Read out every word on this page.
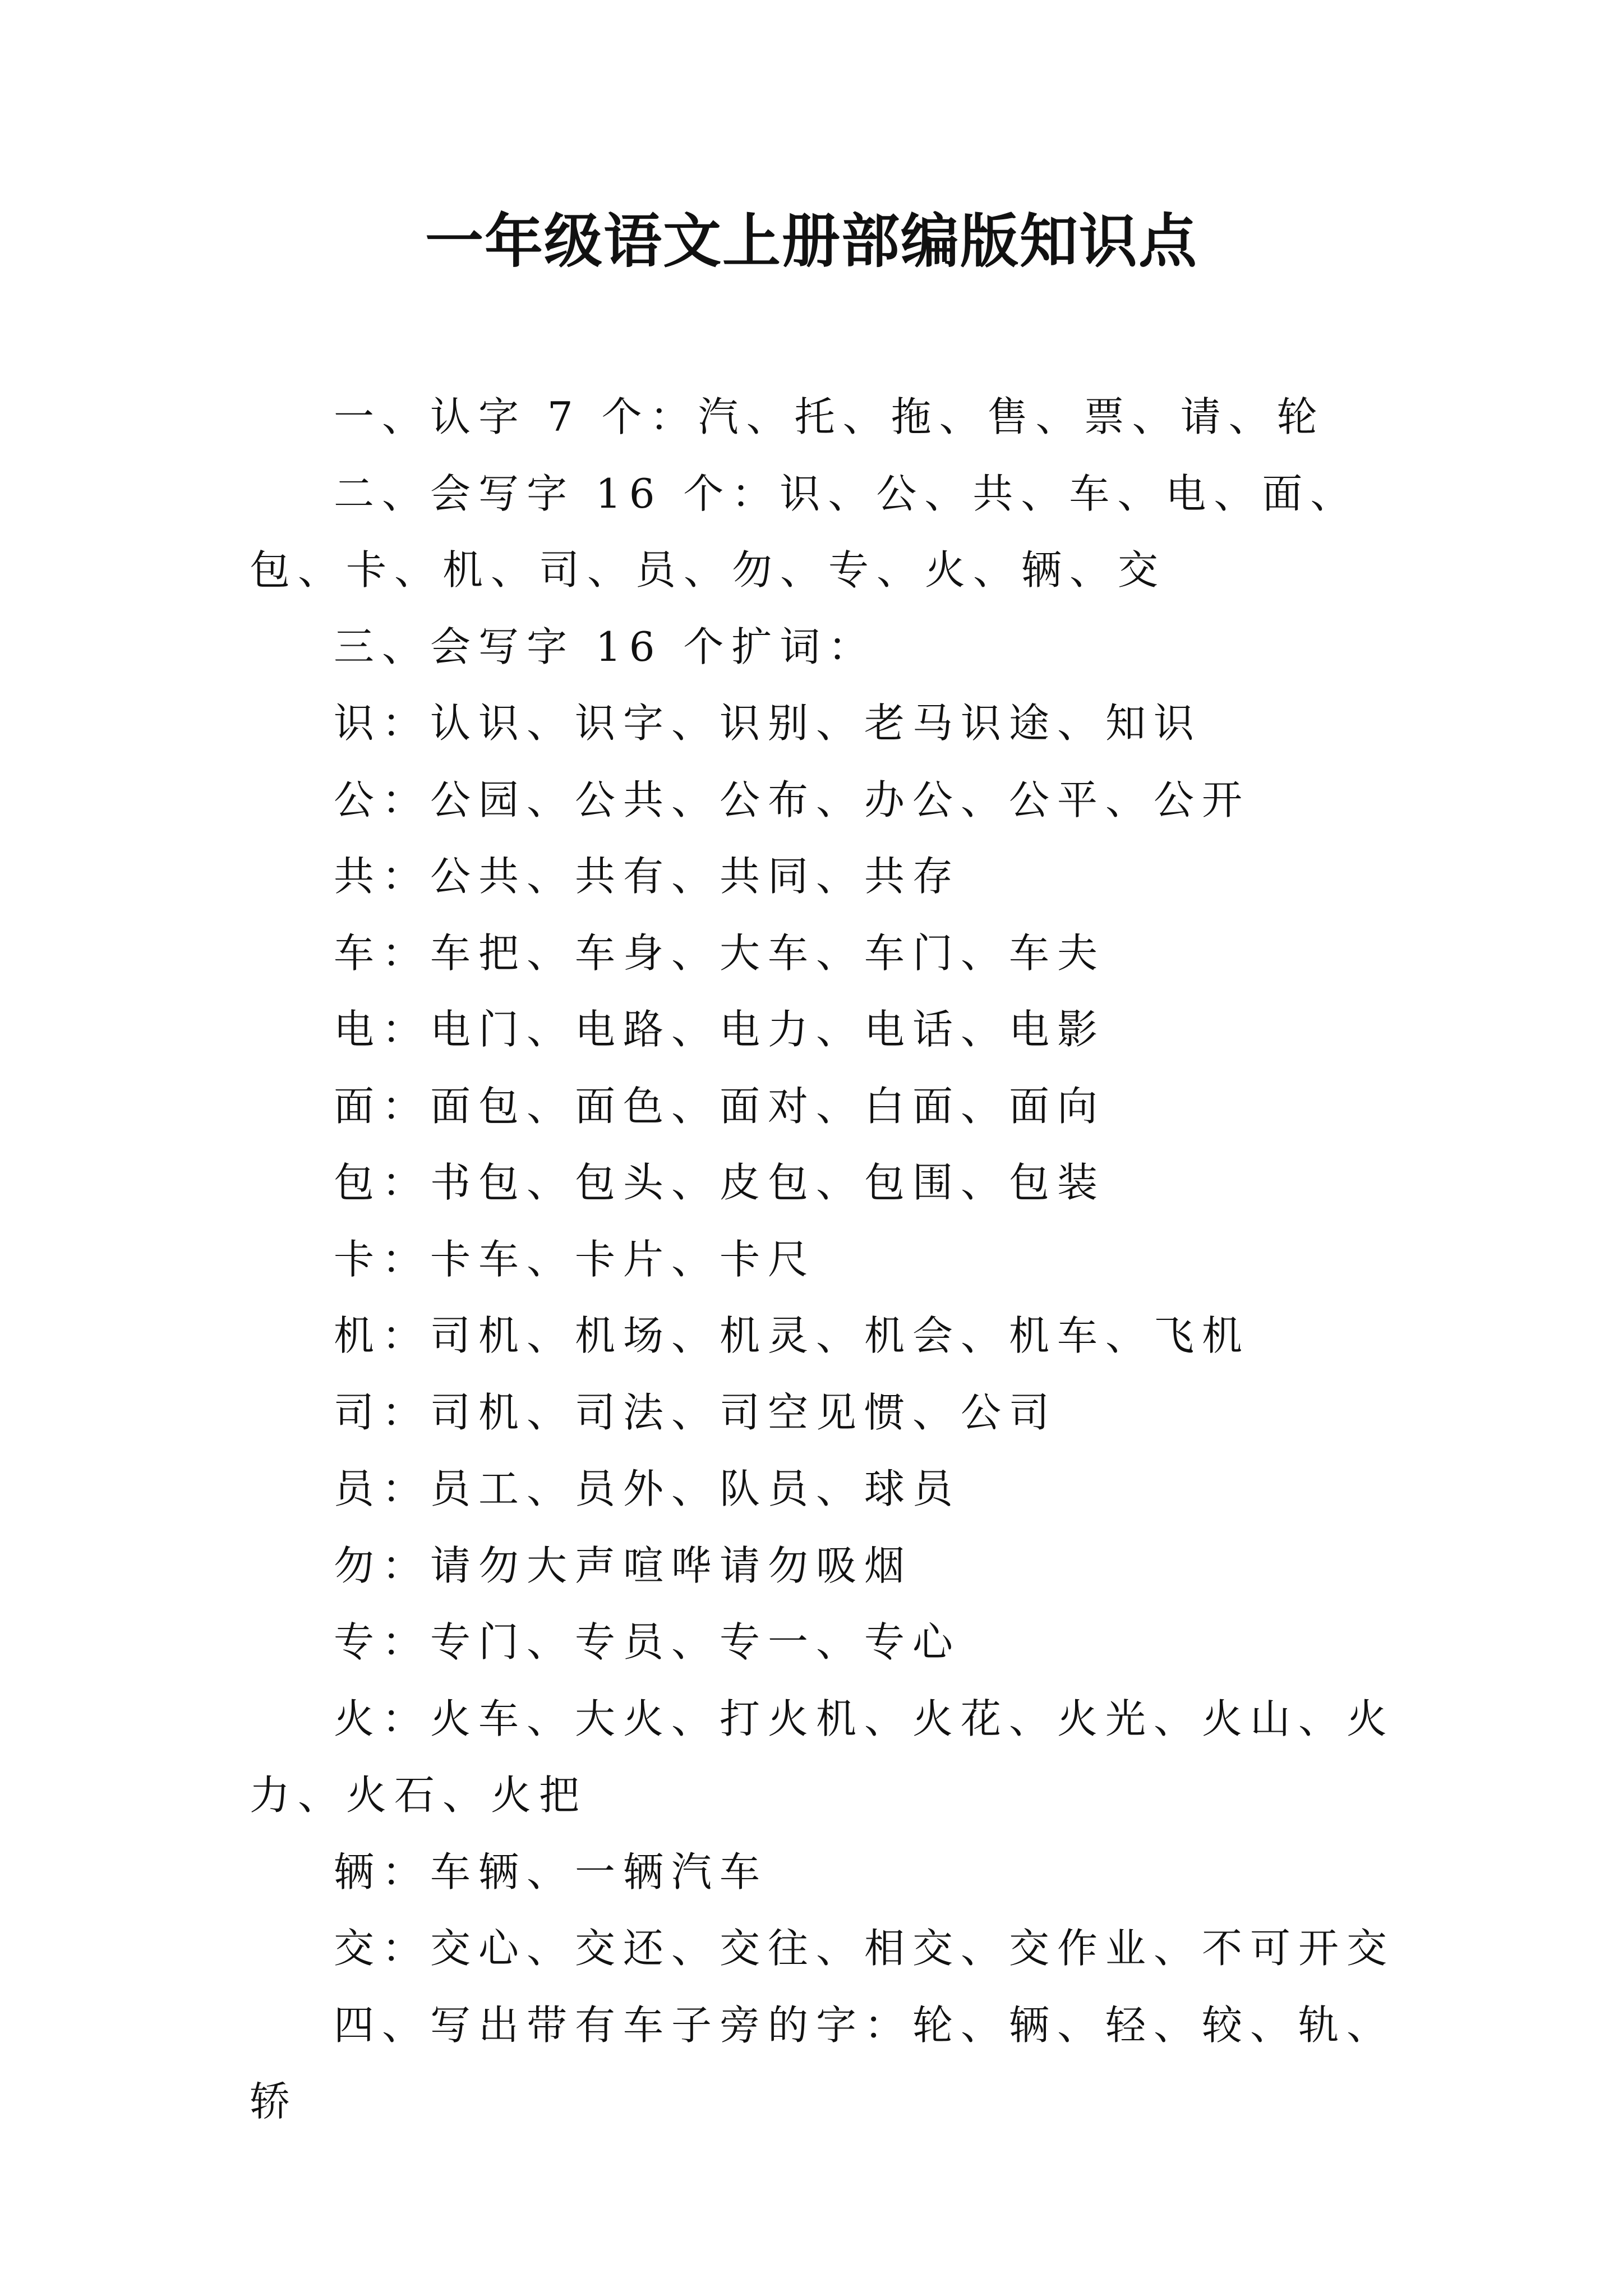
一年级语文上册部编版知识点

一、认字 7 个：汽、托、拖、售、票、请、轮

二、会写字 16 个：识、公、共、车、电、面、包、卡、机、司、员、勿、专、火、辆、交

三、会写字 16 个扩词：

识：认识、识字、识别、老马识途、知识

公：公园、公共、公布、办公、公平、公开

共：公共、共有、共同、共存

车：车把、车身、大车、车门、车夫

电：电门、电路、电力、电话、电影

面：面包、面色、面对、白面、面向

包：书包、包头、皮包、包围、包装

卡：卡车、卡片、卡尺

机：司机、机场、机灵、机会、机车、飞机

司：司机、司法、司空见惯、公司

员：员工、员外、队员、球员

勿：请勿大声喧哗请勿吸烟

专：专门、专员、专一、专心

火：火车、大火、打火机、火花、火光、火山、火力、火石、火把

辆：车辆、一辆汽车

交：交心、交还、交往、相交、交作业、不可开交

四、写出带有车子旁的字：轮、辆、轻、较、轨、轿
